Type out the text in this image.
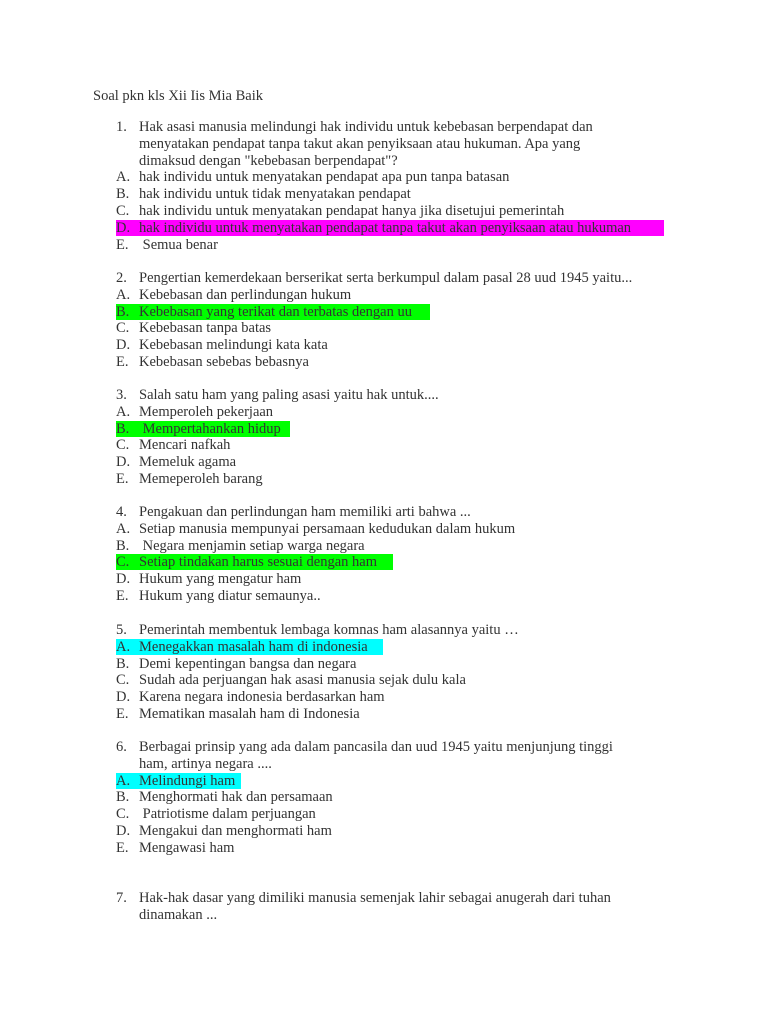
Soal pkn kls Xii Iis Mia Baik
1. Hak asasi manusia melindungi hak individu untuk kebebasan berpendapat dan
menyatakan pendapat tanpa takut akan penyiksaan atau hukuman. Apa yang
dimaksud dengan "kebebasan berpendapat"?
A. hak individu untuk menyatakan pendapat apa pun tanpa batasan
B. hak individu untuk tidak menyatakan pendapat
C. hak individu untuk menyatakan pendapat hanya jika disetujui pemerintah
D. hak individu untuk menyatakan pendapat tanpa takut akan penyiksaan atau hukuman
E. Semua benar
2. Pengertian kemerdekaan berserikat serta berkumpul dalam pasal 28 uud 1945 yaitu...
A. Kebebasan dan perlindungan hukum
B. Kebebasan yang terikat dan terbatas dengan uu
C. Kebebasan tanpa batas
D. Kebebasan melindungi kata kata
E. Kebebasan sebebas bebasnya
3. Salah satu ham yang paling asasi yaitu hak untuk....
A. Memperoleh pekerjaan
B. Mempertahankan hidup
C. Mencari nafkah
D. Memeluk agama
E. Memeperoleh barang
4. Pengakuan dan perlindungan ham memiliki arti bahwa ...
A. Setiap manusia mempunyai persamaan kedudukan dalam hukum
B. Negara menjamin setiap warga negara
C. Setiap tindakan harus sesuai dengan ham
D. Hukum yang mengatur ham
E. Hukum yang diatur semaunya..
5. Pemerintah membentuk lembaga komnas ham alasannya yaitu …
A. Menegakkan masalah ham di indonesia
B. Demi kepentingan bangsa dan negara
C. Sudah ada perjuangan hak asasi manusia sejak dulu kala
D. Karena negara indonesia berdasarkan ham
E. Mematikan masalah ham di Indonesia
6. Berbagai prinsip yang ada dalam pancasila dan uud 1945 yaitu menjunjung tinggi
ham, artinya negara ....
A. Melindungi ham
B. Menghormati hak dan persamaan
C. Patriotisme dalam perjuangan
D. Mengakui dan menghormati ham
E. Mengawasi ham
7. Hak-hak dasar yang dimiliki manusia semenjak lahir sebagai anugerah dari tuhan
dinamakan ...
